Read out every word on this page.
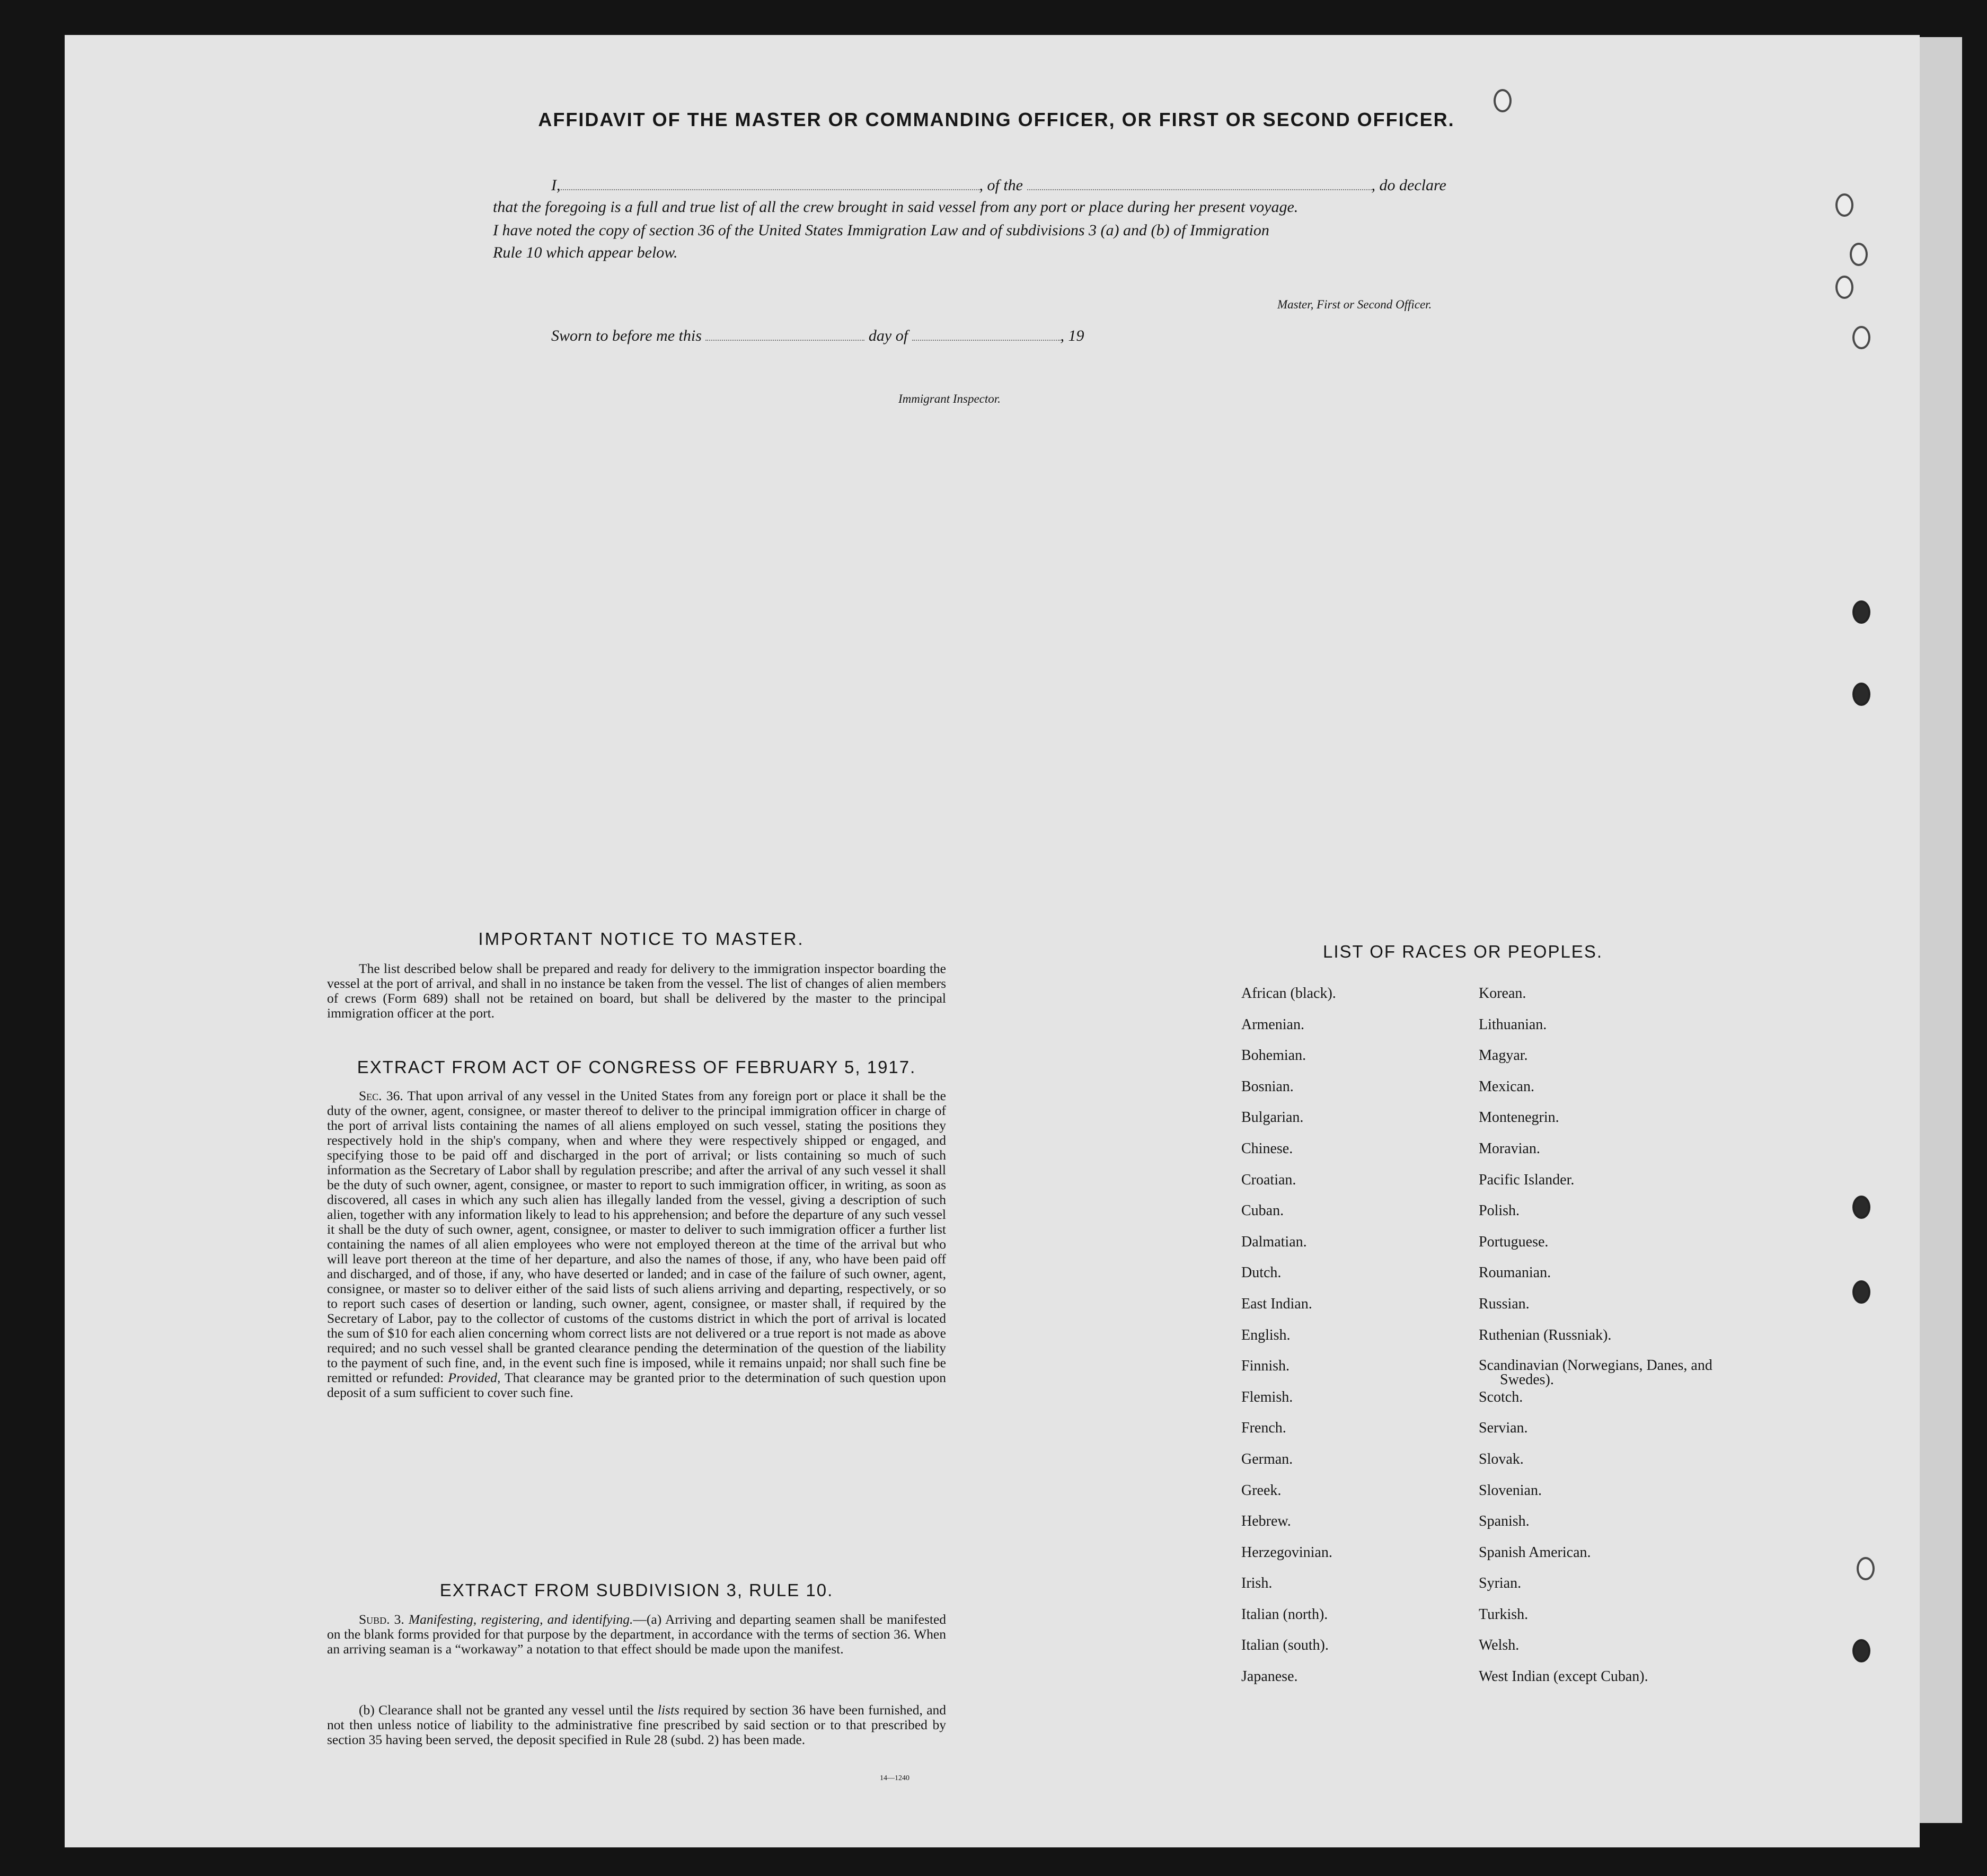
AFFIDAVIT OF THE MASTER OR COMMANDING OFFICER, OR FIRST OR SECOND OFFICER.
I,	, of the	, do declare
that the foregoing is a full and true list of all the crew brought in said vessel from any port or place during her present voyage.
I have noted the copy of section 36 of the United States Immigration Law and of subdivisions 3 (a) and (b) of Immigration
Rule 10 which appear below.
Master, First or Second Officer.
Sworn to before me this	day of	, 19
Immigrant Inspector.
IMPORTANT NOTICE TO MASTER.

The list described below shall be prepared and ready for delivery to the immigration inspector boarding the vessel at the port of arrival, and shall in no instance be taken from the vessel. The list of changes of alien members of crews (Form 689) shall not be retained on board, but shall be delivered by the master to the principal immigration officer at the port.

EXTRACT FROM ACT OF CONGRESS OF FEBRUARY 5, 1917.

Sec. 36. That upon arrival of any vessel in the United States from any foreign port or place it shall be the duty of the owner, agent, consignee, or master thereof to deliver to the principal immigration officer in charge of the port of arrival lists containing the names of all aliens employed on such vessel, stating the positions they respectively hold in the ship's company, when and where they were respectively shipped or engaged, and specifying those to be paid off and discharged in the port of arrival; or lists containing so much of such information as the Secretary of Labor shall by regulation prescribe; and after the arrival of any such vessel it shall be the duty of such owner, agent, consignee, or master to report to such immigration officer, in writing, as soon as discovered, all cases in which any such alien has illegally landed from the vessel, giving a description of such alien, together with any information likely to lead to his apprehension; and before the departure of any such vessel it shall be the duty of such owner, agent, consignee, or master to deliver to such immigration officer a further list containing the names of all alien employees who were not employed thereon at the time of the arrival but who will leave port thereon at the time of her departure, and also the names of those, if any, who have been paid off and discharged, and of those, if any, who have deserted or landed; and in case of the failure of such owner, agent, consignee, or master so to deliver either of the said lists of such aliens arriving and departing, respectively, or so to report such cases of desertion or landing, such owner, agent, consignee, or master shall, if required by the Secretary of Labor, pay to the collector of customs of the customs district in which the port of arrival is located the sum of $10 for each alien concerning whom correct lists are not delivered or a true report is not made as above required; and no such vessel shall be granted clearance pending the determination of the question of the liability to the payment of such fine, and, in the event such fine is imposed, while it remains unpaid; nor shall such fine be remitted or refunded: Provided, That clearance may be granted prior to the determination of such question upon deposit of a sum sufficient to cover such fine.

EXTRACT FROM SUBDIVISION 3, RULE 10.

Subd. 3. Manifesting, registering, and identifying.—(a) Arriving and departing seamen shall be manifested on the blank forms provided for that purpose by the department, in accordance with the terms of section 36. When an arriving seaman is a “workaway” a notation to that effect should be made upon the manifest.

(b) Clearance shall not be granted any vessel until the lists required by section 36 have been furnished, and not then unless notice of liability to the administrative fine prescribed by said section or to that prescribed by section 35 having been served, the deposit specified in Rule 28 (subd. 2) has been made.

14—1240
LIST OF RACES OR PEOPLES.
African (black).
Armenian.
Bohemian.
Bosnian.
Bulgarian.
Chinese.
Croatian.
Cuban.
Dalmatian.
Dutch.
East Indian.
English.
Finnish.
Flemish.
French.
German.
Greek.
Hebrew.
Herzegovinian.
Irish.
Italian (north).
Italian (south).
Japanese.
Korean.
Lithuanian.
Magyar.
Mexican.
Montenegrin.
Moravian.
Pacific Islander.
Polish.
Portuguese.
Roumanian.
Russian.
Ruthenian (Russniak).
Scandinavian (Norwegians, Danes, and Swedes).
Scotch.
Servian.
Slovak.
Slovenian.
Spanish.
Spanish American.
Syrian.
Turkish.
Welsh.
West Indian (except Cuban).
